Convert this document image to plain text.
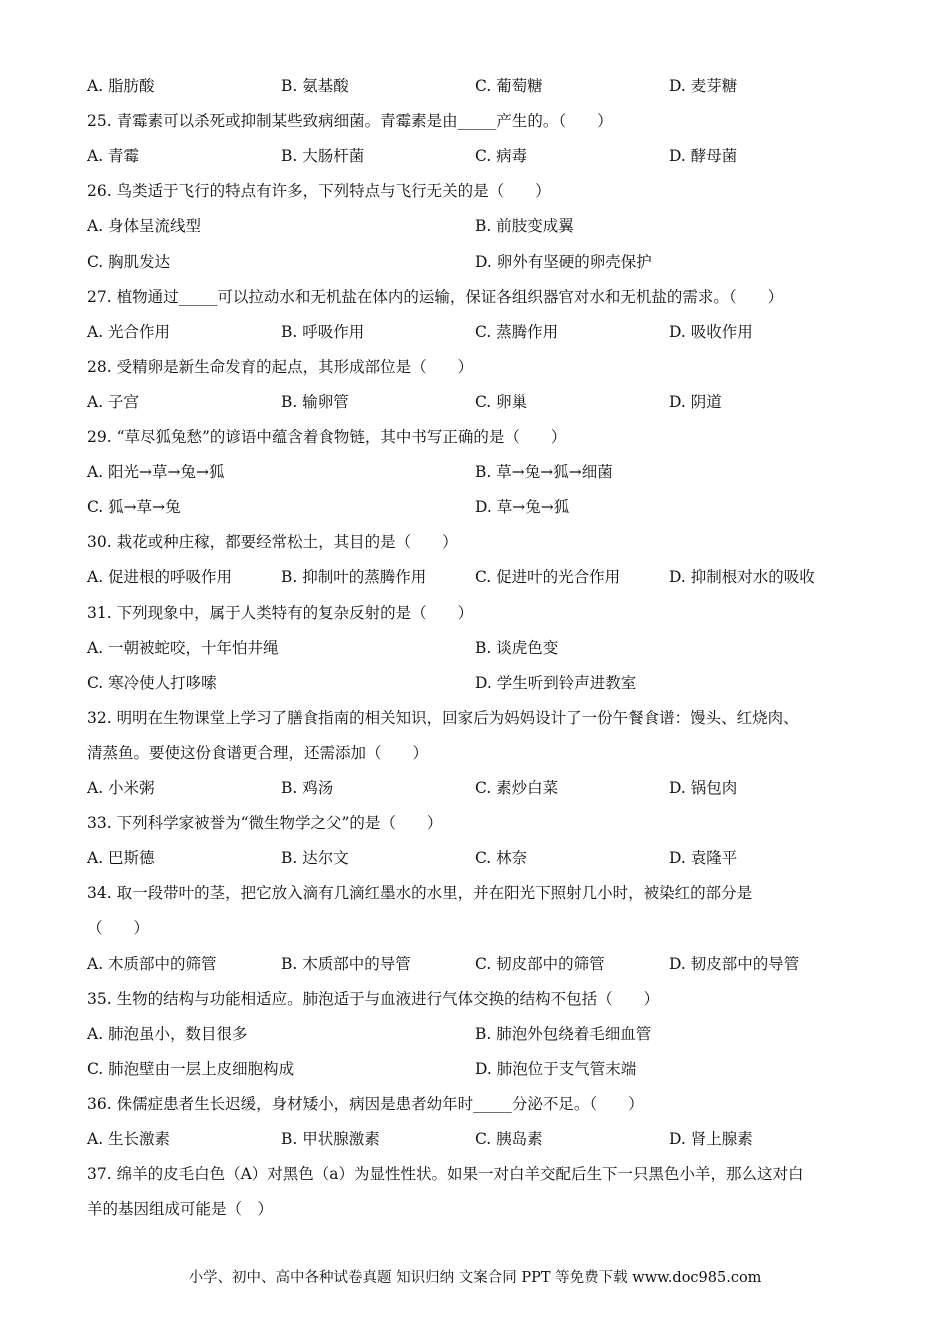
A. 脂肪酸	B. 氨基酸	C. 葡萄糖	D. 麦芽糖
25. 青霉素可以杀死或抑制某些致病细菌。青霉素是由_____产生的。（　　）
A. 青霉	B. 大肠杆菌	C. 病毒	D. 酵母菌
26. 鸟类适于飞行的特点有许多，下列特点与飞行无关的是（　　）
A. 身体呈流线型	B. 前肢变成翼
C. 胸肌发达	D. 卵外有坚硬的卵壳保护
27. 植物通过_____可以拉动水和无机盐在体内的运输，保证各组织器官对水和无机盐的需求。（　　）
A. 光合作用	B. 呼吸作用	C. 蒸腾作用	D. 吸收作用
28. 受精卵是新生命发育的起点，其形成部位是（　　）
A. 子宫	B. 输卵管	C. 卵巢	D. 阴道
29. “草尽狐兔愁”的谚语中蕴含着食物链，其中书写正确的是（　　）
A. 阳光→草→兔→狐	B. 草→兔→狐→细菌
C. 狐→草→兔	D. 草→兔→狐
30. 栽花或种庄稼，都要经常松土，其目的是（　　）
A. 促进根的呼吸作用	B. 抑制叶的蒸腾作用	C. 促进叶的光合作用	D. 抑制根对水的吸收
31. 下列现象中，属于人类特有的复杂反射的是（　　）
A. 一朝被蛇咬，十年怕井绳	B. 谈虎色变
C. 寒冷使人打哆嗦	D. 学生听到铃声进教室
32. 明明在生物课堂上学习了膳食指南的相关知识，回家后为妈妈设计了一份午餐食谱：馒头、红烧肉、
清蒸鱼。要使这份食谱更合理，还需添加（　　）
A. 小米粥	B. 鸡汤	C. 素炒白菜	D. 锅包肉
33. 下列科学家被誉为“微生物学之父”的是（　　）
A. 巴斯德	B. 达尔文	C. 林奈	D. 袁隆平
34. 取一段带叶的茎，把它放入滴有几滴红墨水的水里，并在阳光下照射几小时，被染红的部分是
（　　）
A. 木质部中的筛管	B. 木质部中的导管	C. 韧皮部中的筛管	D. 韧皮部中的导管
35. 生物的结构与功能相适应。肺泡适于与血液进行气体交换的结构不包括（　　）
A. 肺泡虽小，数目很多	B. 肺泡外包绕着毛细血管
C. 肺泡壁由一层上皮细胞构成	D. 肺泡位于支气管末端
36. 侏儒症患者生长迟缓，身材矮小，病因是患者幼年时_____分泌不足。（　　）
A. 生长激素	B. 甲状腺激素	C. 胰岛素	D. 肾上腺素
37. 绵羊的皮毛白色（A）对黑色（a）为显性性状。如果一对白羊交配后生下一只黑色小羊，那么这对白
羊的基因组成可能是（　）
小学、初中、高中各种试卷真题 知识归纳 文案合同 PPT 等免费下载 www.doc985.com
